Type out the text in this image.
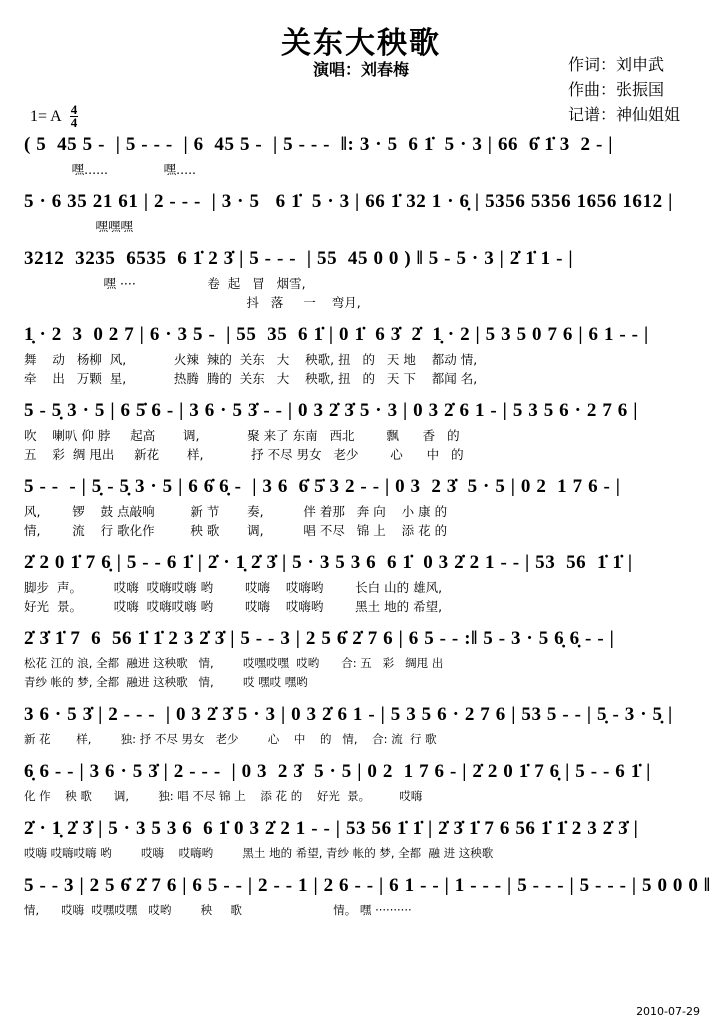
关东大秧歌
演唱：刘春梅	作词：刘申武
作曲：张振国
记谱：神仙姐姐
1= A $\frac{4}{4}$
( 5  45 5 -  | 5 - - -  | 6  45 5 -  | 5 - - -  ‖: 3 · 5  6 1̇  5 · 3 | 66  6̇ 1̇ 3  2 - |
嘿......              嘿.....
5 · 6 35 21 61 | 2 - - -  | 3 · 5   6 1̇  5 · 3 | 66 1̇ 32 1 · 6̣ | 5356 5356 1656 1612 |
嘿嘿嘿
3212  3235  6535  6 1̇ 2 3̇ | 5 - - -  | 55  45 0 0 ) ‖ 5 - 5 · 3 | 2̇ 1̇ 1 - |
嘿 ····                  卷  起   冒   烟雪,
抖   落     一    弯月,
1̣ · 2  3  0 2 7 | 6 · 3 5 -  | 55  35  6 1̇ | 0 1̇  6 3̇  2̇  1̣ · 2 | 5 3 5 0 7 6 | 6 1 - - |
舞    动   杨柳  风,            火辣  辣的  关东   大    秧歌, 扭   的   天 地    都动 情,
牵    出   万颗  星,            热腾  腾的  关东   大    秧歌, 扭   的   天 下    都闻 名,
5 - 5̣ 3 · 5 | 6 5̇ 6 - | 3 6 · 5 3̇ - - | 0 3 2̇ 3̇ 5 · 3 | 0 3 2̇ 6 1 - | 5 3 5 6 · 2 7 6 |
吹    喇叭 仰 脖     起高       调,            聚 来了 东南   西北        飘      香   的
五    彩  绸 甩出     新花       样,            抒 不尽 男女   老少        心      中   的
5 - -  - | 5̣ - 5̣ 3 · 5 | 6 6̇ 6̣ -  | 3 6  6̇ 5̇ 3 2 - - | 0 3  2 3̇  5 · 5 | 0 2  1 7 6 - |
风,        锣    鼓 点敲响         新 节       奏,          伴 着那   奔 向    小 康 的
情,        流    行 歌化作         秧 歌       调,          唱 不尽   锦 上    添 花 的
2̇ 2 0 1̇ 7 6̣ | 5 - - 6 1̇ | 2̇ · 1̣ 2̇ 3̇ | 5 · 3 5 3 6  6 1̇  0 3 2̇ 2 1 - - | 53  56  1̇ 1̇ |
脚步  声。        哎嗨  哎嗨哎嗨 哟        哎嗨    哎嗨哟        长白 山的 雄风,
好光  景。        哎嗨  哎嗨哎嗨 哟        哎嗨    哎嗨哟        黑土 地的 希望,
2̇ 3̇ 1̇ 7  6  56 1̇ 1̇ 2 3 2̇ 3̇ | 5 - - 3 | 2 5 6̇ 2̇ 7 6 | 6 5 - - :‖ 5 - 3 · 5 6̣ 6̣ - - |
松花 江的 浪, 全都  融进 这秧歌   情,        哎嘿哎嘿  哎哟      合: 五   彩   绸甩 出
青纱 帐的 梦, 全都  融进 这秧歌   情,        哎 嘿哎 嘿哟
3 6 · 5 3̇ | 2 - - -  | 0 3 2̇ 3̇ 5 · 3 | 0 3 2̇ 6 1 - | 5 3 5 6 · 2 7 6 | 53 5 - - | 5̣ - 3 · 5̣ |
新 花       样,        独: 抒 不尽 男女   老少        心    中    的   情,    合: 流  行 歌
6̣ 6 - - | 3 6 · 5 3̇ | 2 - - -  | 0 3  2 3̇  5 · 5 | 0 2  1 7 6 - | 2̇ 2 0 1̇ 7 6̣ | 5 - - 6 1̇ |
化 作    秧 歌      调,        独: 唱 不尽 锦 上    添 花 的    好光  景。        哎嗨
2̇ · 1̣ 2̇ 3̇ | 5 · 3 5 3 6  6 1̇ 0 3 2̇ 2 1 - - | 53 56 1̇ 1̇ | 2̇ 3̇ 1̇ 7 6 56 1̇ 1̇ 2 3 2̇ 3̇ |
哎嗨 哎嗨哎嗨 哟        哎嗨    哎嗨哟        黑土 地的 希望, 青纱 帐的 梦, 全都  融 进 这秧歌
5 - - 3 | 2 5 6̇ 2̇ 7 6 | 6 5 - - | 2 - - 1 | 2 6 - - | 6 1 - - | 1 - - - | 5 - - - | 5 - - - | 5 0 0 0 ‖
情,      哎嗨  哎嘿哎嘿   哎哟        秧     歌                         情。 嘿 ··········
2010-07-29
